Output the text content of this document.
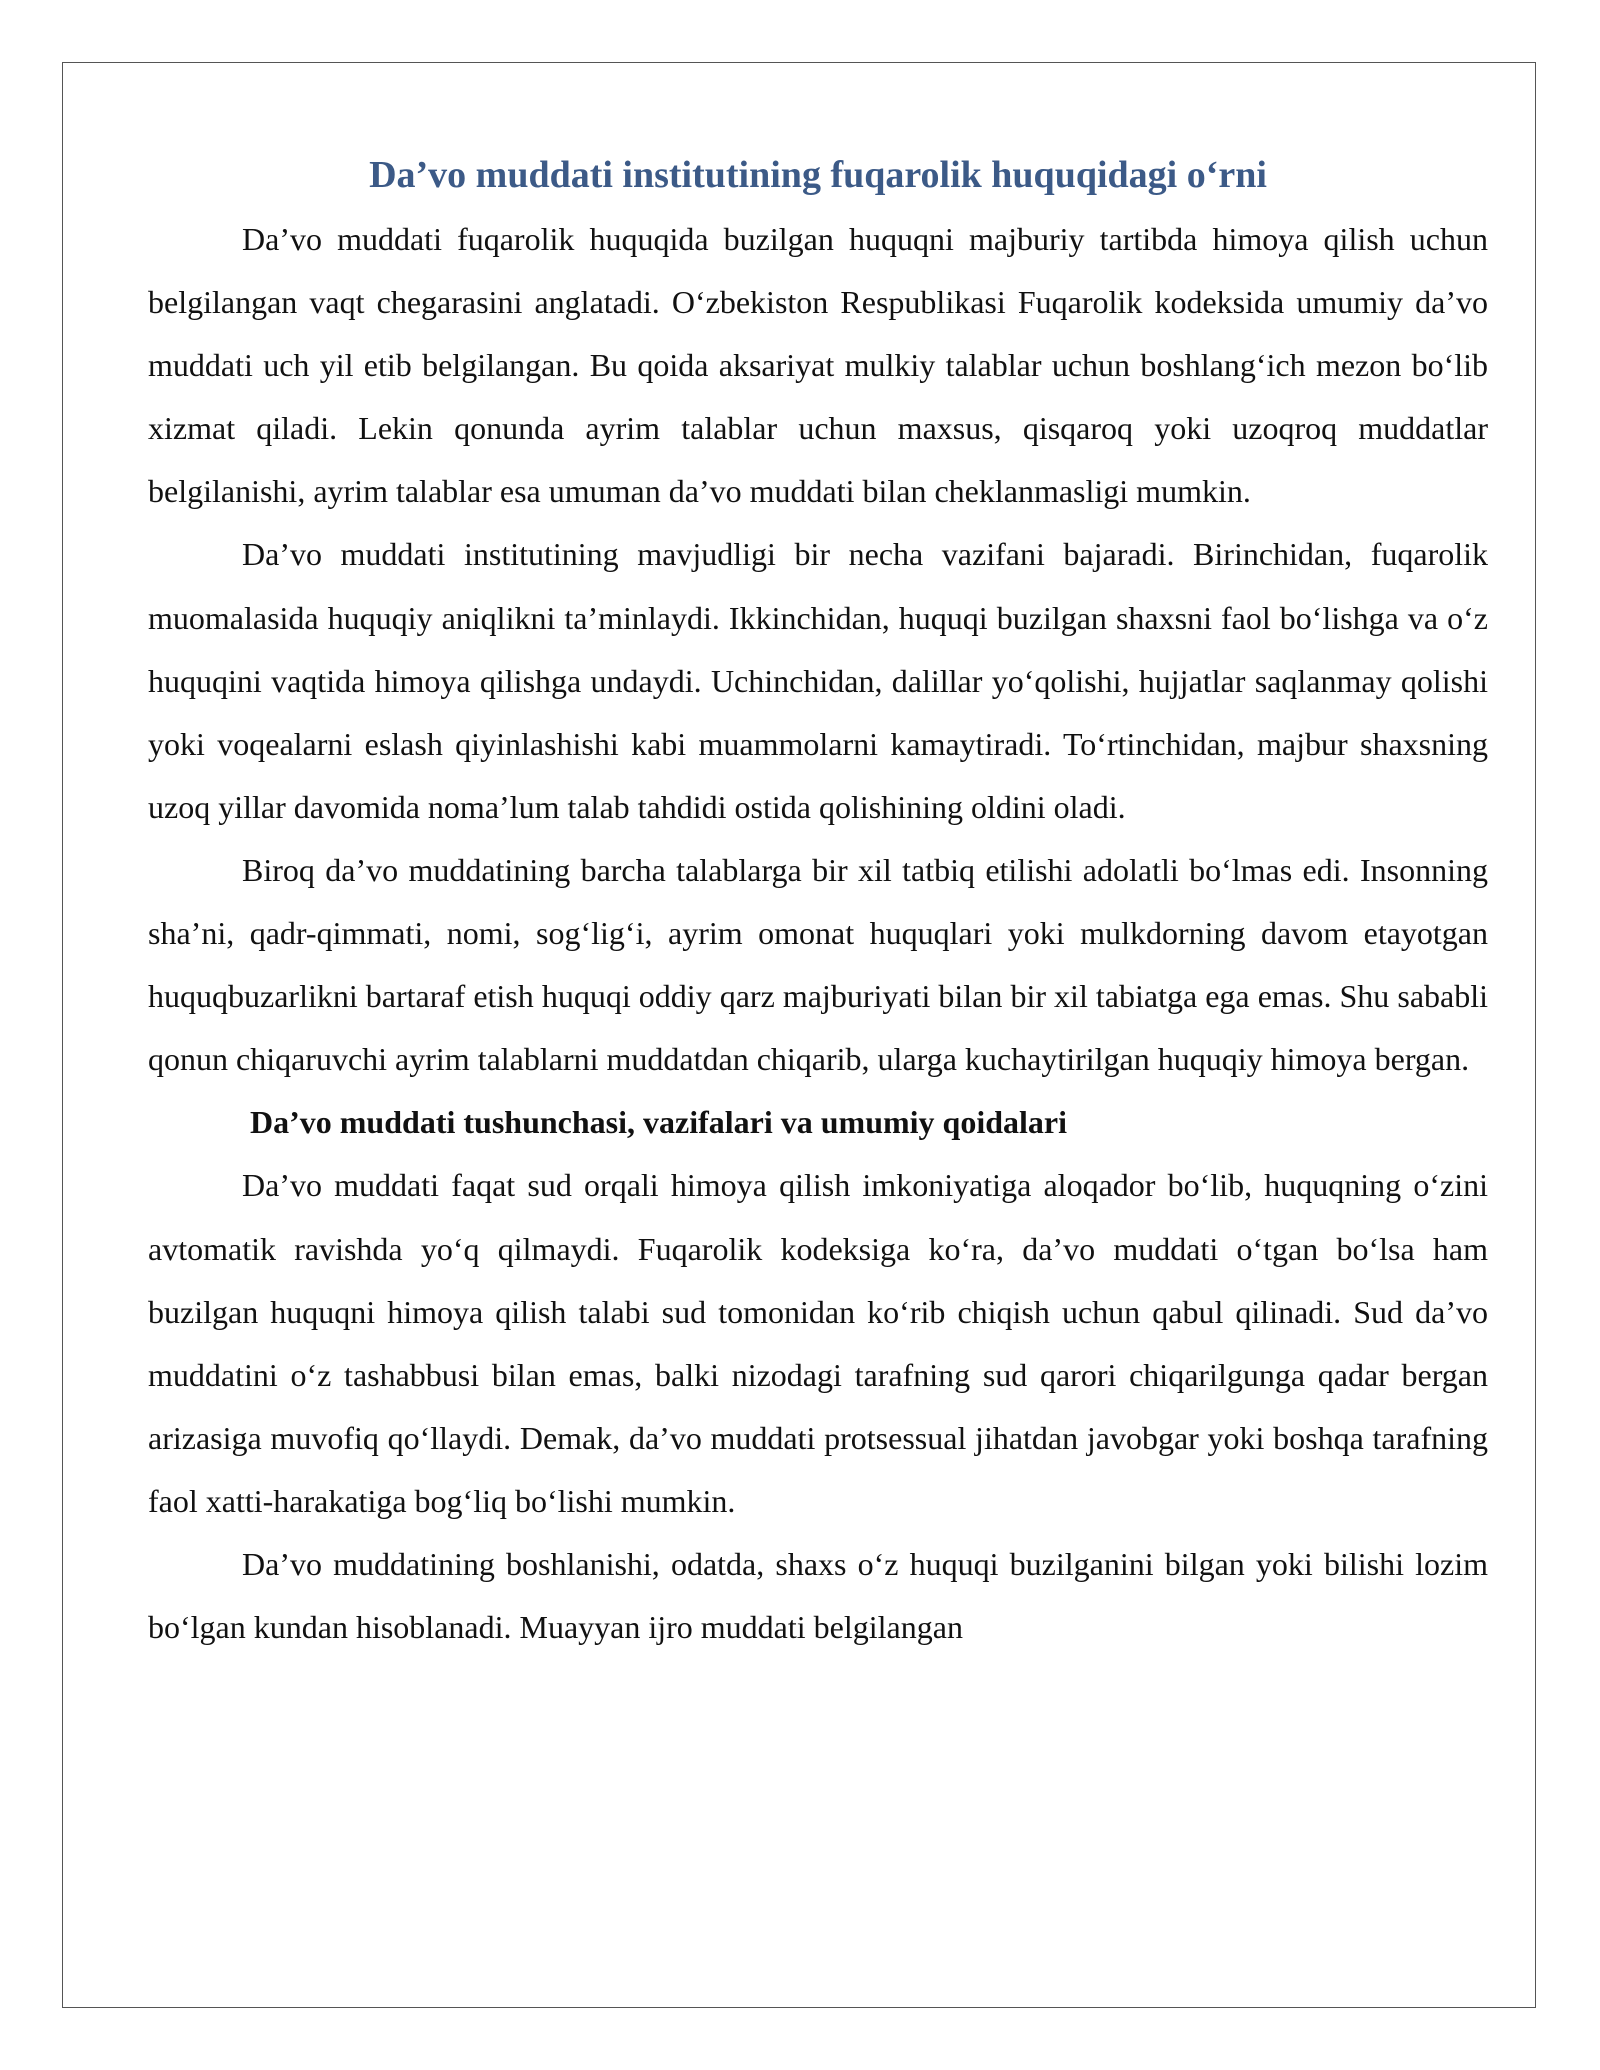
Da’vo muddati institutining fuqarolik huquqidagi o‘rni

Da’vo muddati fuqarolik huquqida buzilgan huquqni majburiy tartibda himoya qilish uchun belgilangan vaqt chegarasini anglatadi. O‘zbekiston Respublikasi Fuqarolik kodeksida umumiy da’vo muddati uch yil etib belgilangan. Bu qoida aksariyat mulkiy talablar uchun boshlang‘ich mezon bo‘lib xizmat qiladi. Lekin qonunda ayrim talablar uchun maxsus, qisqaroq yoki uzoqroq muddatlar belgilanishi, ayrim talablar esa umuman da’vo muddati bilan cheklanmasligi mumkin.

Da’vo muddati institutining mavjudligi bir necha vazifani bajaradi. Birinchidan, fuqarolik muomalasida huquqiy aniqlikni ta’minlaydi. Ikkinchidan, huquqi buzilgan shaxsni faol bo‘lishga va o‘z huquqini vaqtida himoya qilishga undaydi. Uchinchidan, dalillar yo‘qolishi, hujjatlar saqlanmay qolishi yoki voqealarni eslash qiyinlashishi kabi muammolarni kamaytiradi. To‘rtinchidan, majbur shaxsning uzoq yillar davomida noma’lum talab tahdidi ostida qolishining oldini oladi.

Biroq da’vo muddatining barcha talablarga bir xil tatbiq etilishi adolatli bo‘lmas edi. Insonning sha’ni, qadr-qimmati, nomi, sog‘lig‘i, ayrim omonat huquqlari yoki mulkdorning davom etayotgan huquqbuzarlikni bartaraf etish huquqi oddiy qarz majburiyati bilan bir xil tabiatga ega emas. Shu sababli qonun chiqaruvchi ayrim talablarni muddatdan chiqarib, ularga kuchaytirilgan huquqiy himoya bergan.

Da’vo muddati tushunchasi, vazifalari va umumiy qoidalari

Da’vo muddati faqat sud orqali himoya qilish imkoniyatiga aloqador bo‘lib, huquqning o‘zini avtomatik ravishda yo‘q qilmaydi. Fuqarolik kodeksiga ko‘ra, da’vo muddati o‘tgan bo‘lsa ham buzilgan huquqni himoya qilish talabi sud tomonidan ko‘rib chiqish uchun qabul qilinadi. Sud da’vo muddatini o‘z tashabbusi bilan emas, balki nizodagi tarafning sud qarori chiqarilgunga qadar bergan arizasiga muvofiq qo‘llaydi. Demak, da’vo muddati protsessual jihatdan javobgar yoki boshqa tarafning faol xatti-harakatiga bog‘liq bo‘lishi mumkin.

Da’vo muddatining boshlanishi, odatda, shaxs o‘z huquqi buzilganini bilgan yoki bilishi lozim bo‘lgan kundan hisoblanadi. Muayyan ijro muddati belgilangan
